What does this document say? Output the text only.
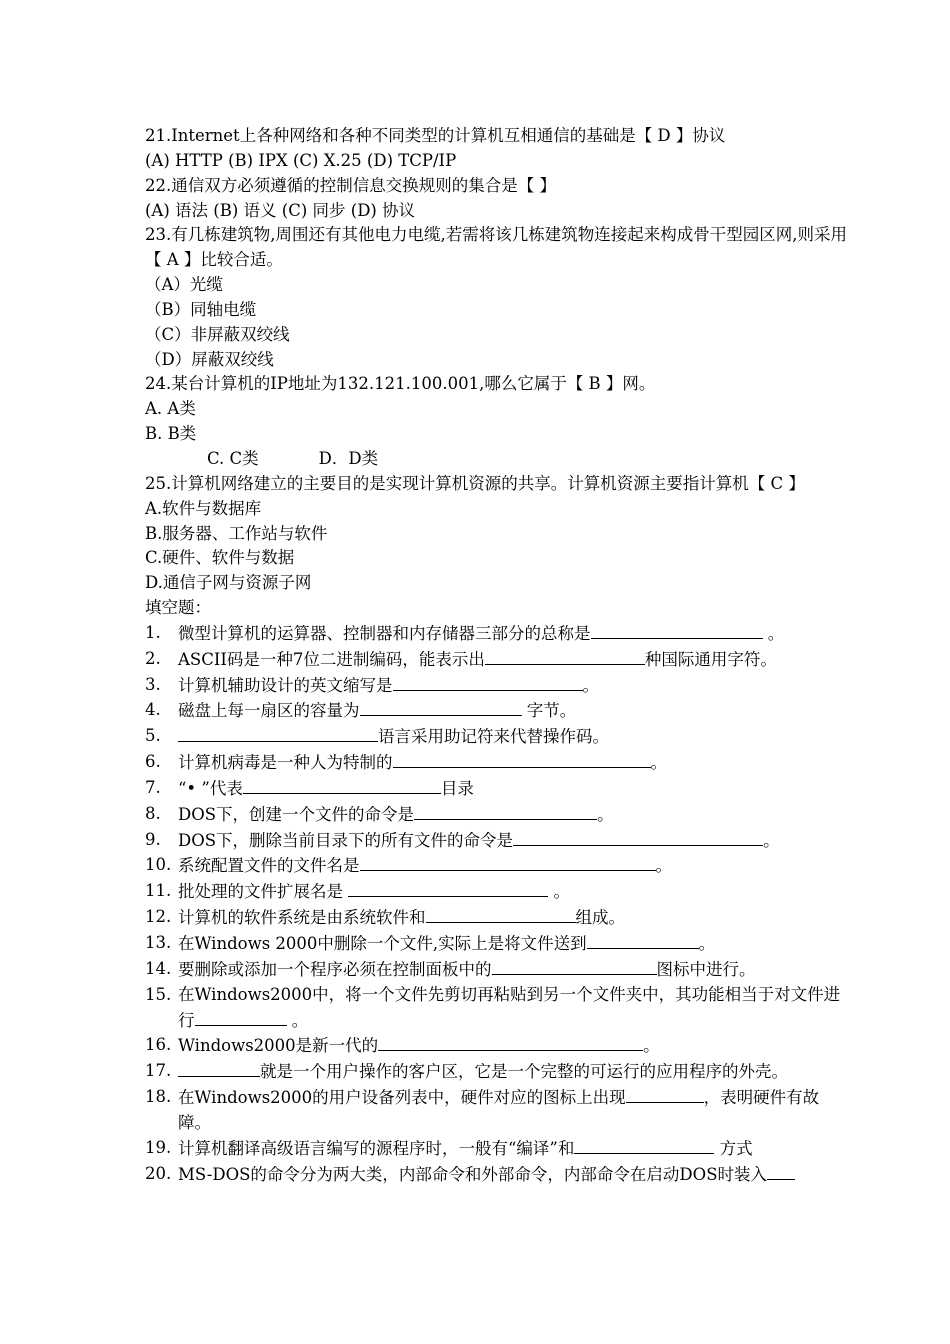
21.Internet上各种网络和各种不同类型的计算机互相通信的基础是【 D 】协议
(A) HTTP (B) IPX (C) X.25 (D) TCP/IP
22.通信双方必须遵循的控制信息交换规则的集合是【 】
(A) 语法 (B) 语义 (C) 同步 (D) 协议
23.有几栋建筑物,周围还有其他电力电缆,若需将该几栋建筑物连接起来构成骨干型园区网,则采用【 A 】比较合适。
（A）光缆
（B）同轴电缆
（C）非屏蔽双绞线
（D）屏蔽双绞线
24.某台计算机的IP地址为132.121.100.001,哪么它属于【 B 】网。
A. A类
B. B类
C. C类	D．D类
25.计算机网络建立的主要目的是实现计算机资源的共享。计算机资源主要指计算机【 C 】
A.软件与数据库
B.服务器、工作站与软件
C.硬件、软件与数据
D.通信子网与资源子网
填空题：
1.	微型计算机的运算器、控制器和内存储器三部分的总称是	。
2.	ASCII码是一种7位二进制编码，能表示出	种国际通用字符。
3.	计算机辅助设计的英文缩写是	。
4.	磁盘上每一扇区的容量为	字节。
5.	语言采用助记符来代替操作码。
6.	计算机病毒是一种人为特制的	。
7.	“• ”代表	目录
8.	DOS下，创建一个文件的命令是	。
9.	DOS下，删除当前目录下的所有文件的命令是	。
10. 系统配置文件的文件名是	。
11. 批处理的文件扩展名是	。
12. 计算机的软件系统是由系统软件和	组成。
13. 在Windows 2000中删除一个文件,实际上是将文件送到	。
14. 要删除或添加一个程序必须在控制面板中的	图标中进行。
15. 在Windows2000中，将一个文件先剪切再粘贴到另一个文件夹中，其功能相当于对文件进行	。
16. Windows2000是新一代的	。
17.	就是一个用户操作的客户区，它是一个完整的可运行的应用程序的外壳。
18. 在Windows2000的用户设备列表中，硬件对应的图标上出现	，表明硬件有故障。
19. 计算机翻译高级语言编写的源程序时，一般有“编译”和	方式
20. MS-DOS的命令分为两大类，内部命令和外部命令，内部命令在启动DOS时装入
